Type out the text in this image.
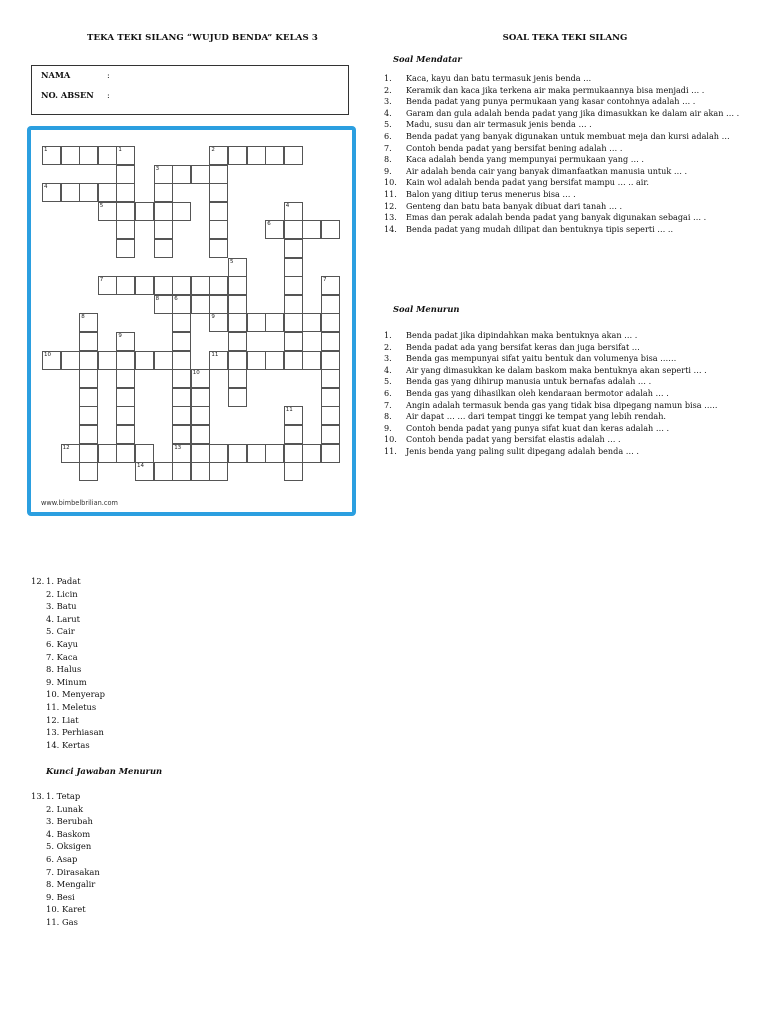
TEKA TEKI SILANG “WUJUD BENDA” KELAS 3	SOAL TEKA TEKI SILANG
NAMA	:
NO. ABSEN :
1	1	2
3
4
5
6
7
8	6
9
10	11
12	13
14
4
5
7
8
9
10
11
www.bimbelbrilian.com
Soal Mendatar
1.	Kaca, kayu dan batu termasuk jenis benda …
2.	Keramik dan kaca jika terkena air maka permukaannya bisa menjadi … .
3.	Benda padat yang punya permukaan yang kasar contohnya adalah … .
4.	Garam dan gula adalah benda padat yang jika dimasukkan ke dalam air akan … .
5.	Madu, susu dan air termasuk jenis benda … .
6.	Benda padat yang banyak digunakan untuk membuat meja dan kursi adalah …
7.	Contoh benda padat yang bersifat bening adalah … .
8.	Kaca adalah benda yang mempunyai permukaan yang … .
9.	Air adalah benda cair yang banyak dimanfaatkan manusia untuk … .
10.	Kain wol adalah benda padat yang bersifat mampu … .. air.
11.	Balon yang ditiup terus menerus bisa … .
12.	Genteng dan batu bata banyak dibuat dari tanah … .
13.	Emas dan perak adalah benda padat yang banyak digunakan sebagai … .
14.	Benda padat yang mudah dilipat dan bentuknya tipis seperti … ..
Soal Menurun
1.	Benda padat jika dipindahkan maka bentuknya akan … .
2.	Benda padat ada yang bersifat keras dan juga bersifat …
3.	Benda gas mempunyai sifat yaitu bentuk dan volumenya bisa ……
4.	Air yang dimasukkan ke dalam baskom maka bentuknya akan seperti … .
5.	Benda gas yang dihirup manusia untuk bernafas adalah … .
6.	Benda gas yang dihasilkan oleh kendaraan bermotor adalah … .
7.	Angin adalah termasuk benda gas yang tidak bisa dipegang namun bisa …..
8.	Air dapat … … dari tempat tinggi ke tempat yang lebih rendah.
9.	Contoh benda padat yang punya sifat kuat dan keras adalah … .
10.	Contoh benda padat yang bersifat elastis adalah … .
11.	Jenis benda yang paling sulit dipegang adalah benda … .
12. 1. Padat
2. Licin
3. Batu
4. Larut
5. Cair
6. Kayu
7. Kaca
8. Halus
9. Minum
10. Menyerap
11. Meletus
12. Liat
13. Perhiasan
14. Kertas
Kunci Jawaban Menurun
13. 1. Tetap
2. Lunak
3. Berubah
4. Baskom
5. Oksigen
6. Asap
7. Dirasakan
8. Mengalir
9. Besi
10. Karet
11. Gas
